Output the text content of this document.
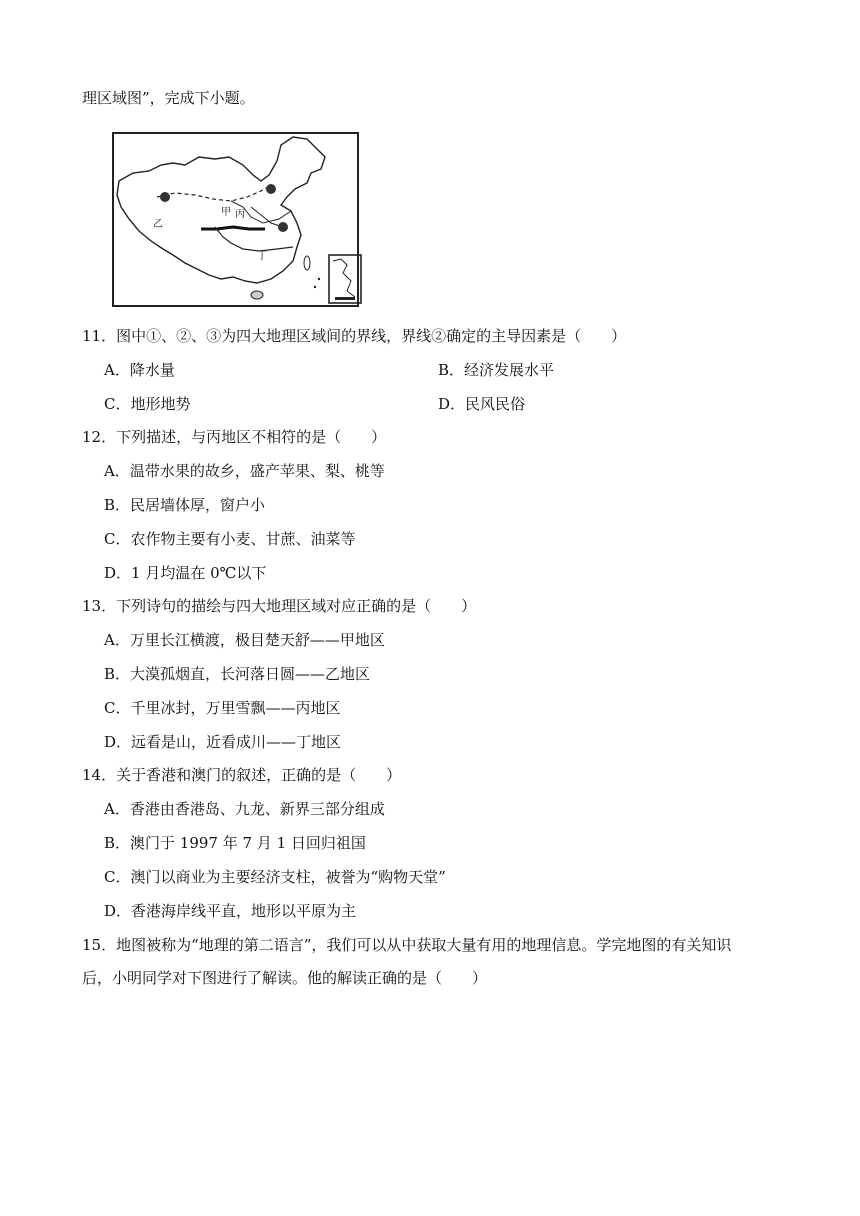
理区域图”，完成下小题。
甲
乙
丙
丁
11．图中①、②、③为四大地理区域间的界线，界线②确定的主导因素是（　　）
A．降水量	B．经济发展水平
C．地形地势	D．民风民俗
12．下列描述，与丙地区不相符的是（　　）
A．温带水果的故乡，盛产苹果、梨、桃等
B．民居墙体厚，窗户小
C．农作物主要有小麦、甘蔗、油菜等
D．1 月均温在 0℃以下
13．下列诗句的描绘与四大地理区域对应正确的是（　　）
A．万里长江横渡，极目楚天舒——甲地区
B．大漠孤烟直，长河落日圆——乙地区
C．千里冰封，万里雪飘——丙地区
D．远看是山，近看成川——丁地区
14．关于香港和澳门的叙述，正确的是（　　）
A．香港由香港岛、九龙、新界三部分组成
B．澳门于 1997 年 7 月 1 日回归祖国
C．澳门以商业为主要经济支柱，被誉为“购物天堂”
D．香港海岸线平直，地形以平原为主
15．地图被称为“地理的第二语言”，我们可以从中获取大量有用的地理信息。学完地图的有关知识
后，小明同学对下图进行了解读。他的解读正确的是（　　）
